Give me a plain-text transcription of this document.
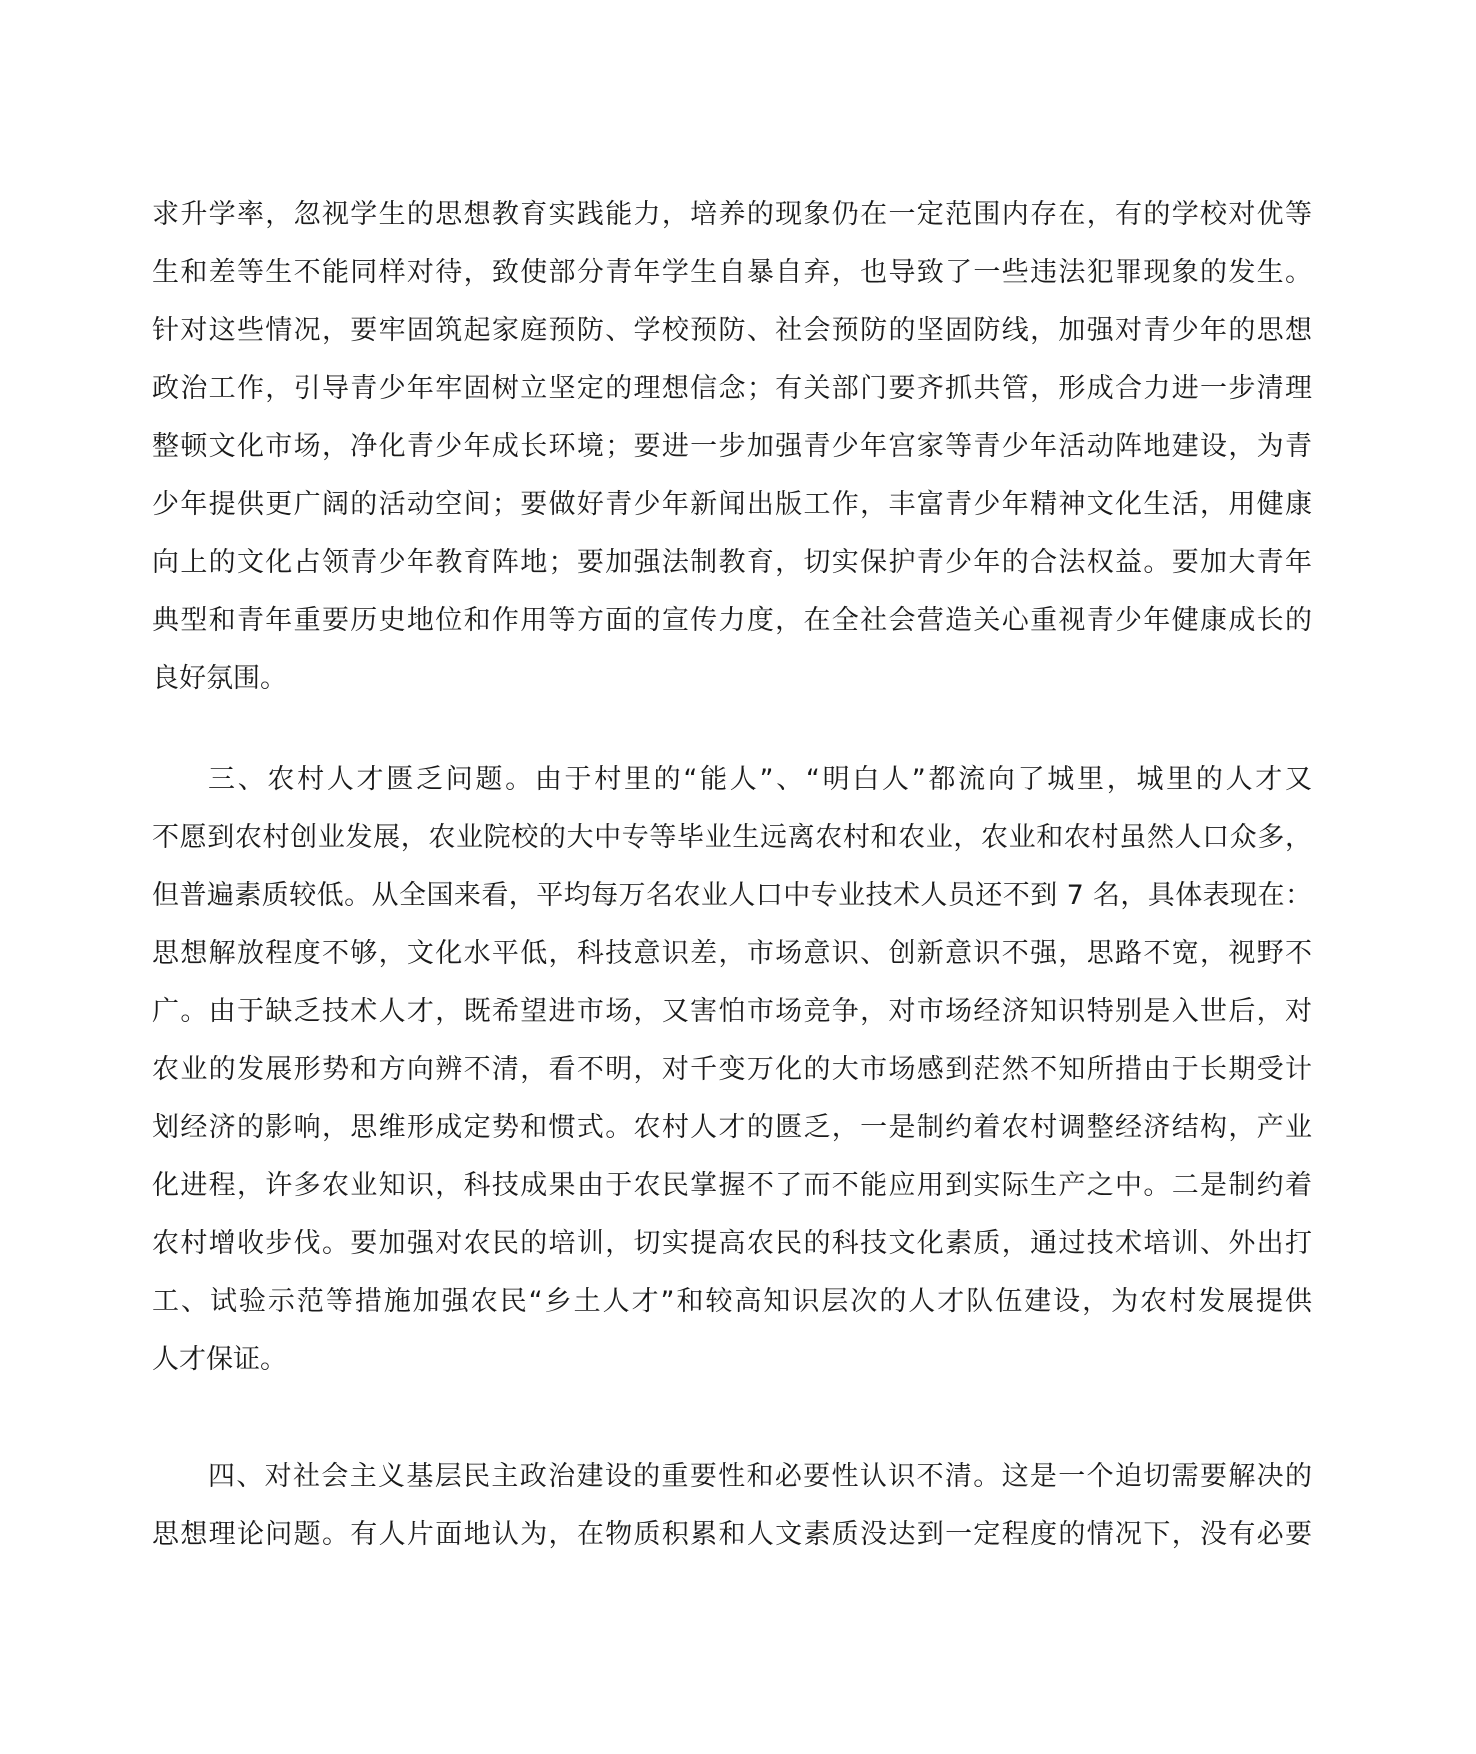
求升学率，忽视学生的思想教育实践能力，培养的现象仍在一定范围内存在，有的学校对优等
生和差等生不能同样对待，致使部分青年学生自暴自弃，也导致了一些违法犯罪现象的发生。
针对这些情况，要牢固筑起家庭预防、学校预防、社会预防的坚固防线，加强对青少年的思想
政治工作，引导青少年牢固树立坚定的理想信念；有关部门要齐抓共管，形成合力进一步清理
整顿文化市场，净化青少年成长环境；要进一步加强青少年宫家等青少年活动阵地建设，为青
少年提供更广阔的活动空间；要做好青少年新闻出版工作，丰富青少年精神文化生活，用健康
向上的文化占领青少年教育阵地；要加强法制教育，切实保护青少年的合法权益。要加大青年
典型和青年重要历史地位和作用等方面的宣传力度，在全社会营造关心重视青少年健康成长的
良好氛围。
三、农村人才匮乏问题。由于村里的“能人”、“明白人”都流向了城里，城里的人才又
不愿到农村创业发展，农业院校的大中专等毕业生远离农村和农业，农业和农村虽然人口众多，
但普遍素质较低。从全国来看，平均每万名农业人口中专业技术人员还不到 7 名，具体表现在：
思想解放程度不够，文化水平低，科技意识差，市场意识、创新意识不强，思路不宽，视野不
广。由于缺乏技术人才，既希望进市场，又害怕市场竞争，对市场经济知识特别是入世后，对
农业的发展形势和方向辨不清，看不明，对千变万化的大市场感到茫然不知所措由于长期受计
划经济的影响，思维形成定势和惯式。农村人才的匮乏，一是制约着农村调整经济结构，产业
化进程，许多农业知识，科技成果由于农民掌握不了而不能应用到实际生产之中。二是制约着
农村增收步伐。要加强对农民的培训，切实提高农民的科技文化素质，通过技术培训、外出打
工、试验示范等措施加强农民“乡土人才”和较高知识层次的人才队伍建设，为农村发展提供
人才保证。
四、对社会主义基层民主政治建设的重要性和必要性认识不清。这是一个迫切需要解决的
思想理论问题。有人片面地认为，在物质积累和人文素质没达到一定程度的情况下，没有必要
